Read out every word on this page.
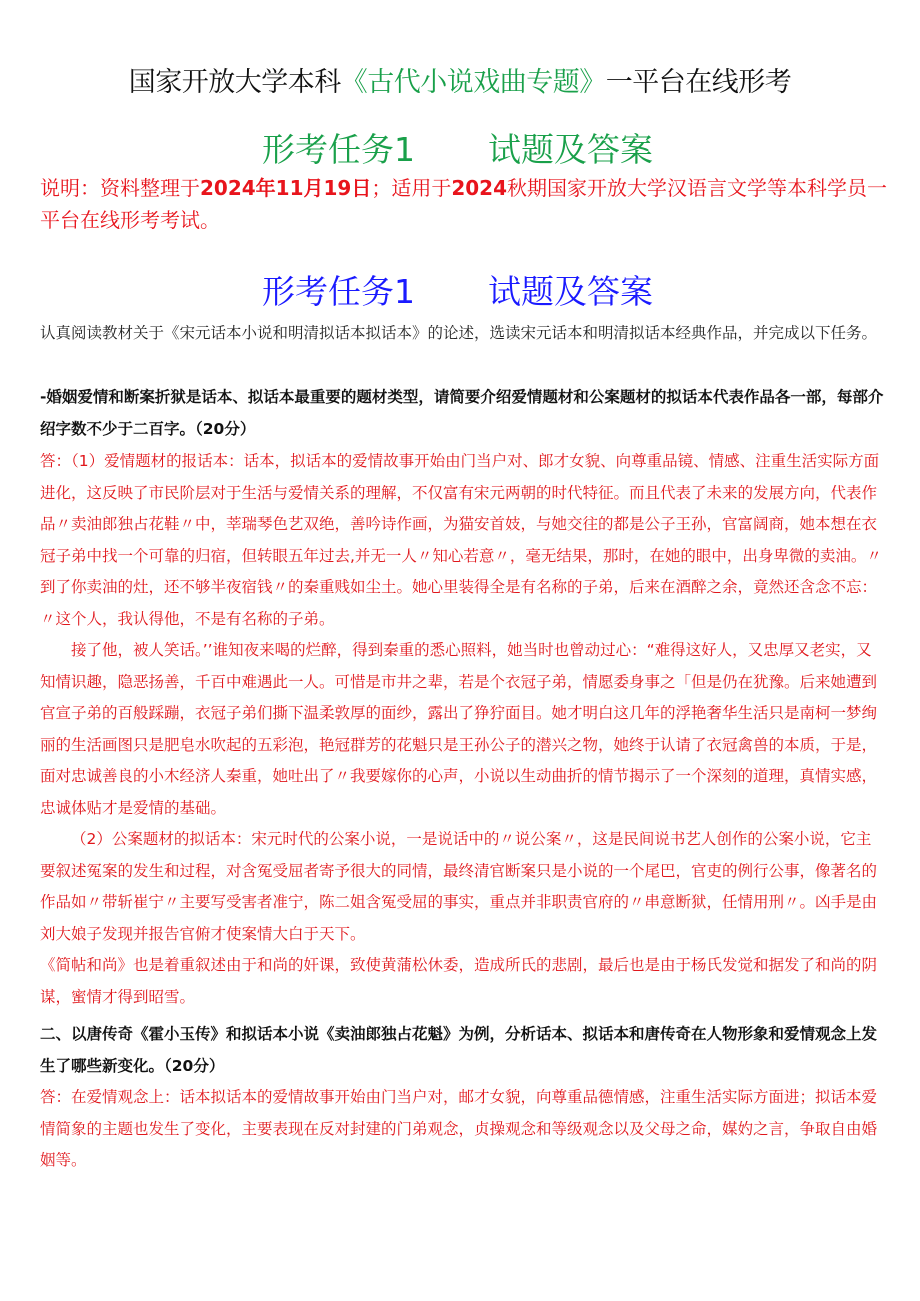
国家开放大学本科《古代小说戏曲专题》一平台在线形考
形考任务1 试题及答案
说明：资料整理于2024年11月19日；适用于2024秋期国家开放大学汉语言文学等本科学员一平台在线形考考试。
形考任务1 试题及答案
认真阅读教材关于《宋元话本小说和明清拟话本拟话本》的论述，选读宋元话本和明清拟话本经典作品，并完成以下任务。
-婚姻爱情和断案折狱是话本、拟话本最重要的题材类型，请简要介绍爱情题材和公案题材的拟话本代表作品各一部，每部介绍字数不少于二百字。（20分）

答：（1）爱情题材的报话本：话本，拟话本的爱情故事开始由门当户对、郎才女貌、向尊重品镜、情感、注重生活实际方面进化，这反映了市民阶层对于生活与爱情关系的理解，不仅富有宋元两朝的时代特征。而且代表了未来的发展方向，代表作品〃卖油郎独占花鞋〃中，莘瑞琴色艺双绝，善吟诗作画，为猫安首妓，与她交往的都是公子王孙，官富阔商，她本想在衣冠子弟中找一个可靠的归宿，但转眼五年过去,并无一人〃知心若意〃，毫无结果，那时，在她的眼中，出身卑微的卖油。〃到了你卖油的灶，还不够半夜宿钱〃的秦重贱如尘土。她心里装得全是有名称的子弟，后来在酒醉之余，竟然还含念不忘：〃这个人，我认得他，不是有名称的子弟。

接了他，被人笑话。’’谁知夜来喝的烂醉，得到秦重的悉心照料，她当时也曾动过心：“难得这好人，又忠厚又老实，又知情识趣，隐恶扬善，千百中难遇此一人。可惜是市井之辈，若是个衣冠子弟，情愿委身事之「但是仍在犹豫。后来她遭到官宣子弟的百般踩蹦，衣冠子弟们撕下温柔敦厚的面纱，露出了狰狞面目。她才明白这几年的浮艳奢华生活只是南柯一梦绚丽的生活画图只是肥皂水吹起的五彩泡，艳冠群芳的花魁只是王孙公子的潜兴之物，她终于认请了衣冠禽兽的本质，于是，面对忠诚善良的小木经济人秦重，她吐出了〃我要嫁你的心声，小说以生动曲折的情节揭示了一个深刻的道理，真情实感，忠诚体贴才是爱情的基础。

（2）公案题材的拟话本：宋元时代的公案小说，一是说话中的〃说公案〃，这是民间说书艺人创作的公案小说，它主要叙述冤案的发生和过程，对含冤受屈者寄予很大的同情，最终清官断案只是小说的一个尾巴，官吏的例行公事，像著名的作品如〃带斩崔宁〃主要写受害者准宁，陈二姐含冤受屈的事实，重点并非职责官府的〃串意断狱，任情用刑〃。凶手是由刘大娘子发现并报告官俯才使案情大白于天下。

《简帖和尚》也是着重叙述由于和尚的奸课，致使黄蒲松休委，造成所氏的悲剧，最后也是由于杨氏发觉和据发了和尚的阴谋，蜜情才得到昭雪。

二、以唐传奇《霍小玉传》和拟话本小说《卖油郎独占花魁》为例，分析话本、拟话本和唐传奇在人物形象和爱情观念上发生了哪些新变化。（20分）

答：在爱情观念上：话本拟话本的爱情故事开始由门当户对，邮才女貌，向尊重品德情感，注重生活实际方面进；拟话本爱情简象的主题也发生了变化，主要表现在反对封建的门弟观念，贞操观念和等级观念以及父母之命，媒妁之言，争取自由婚姻等。
